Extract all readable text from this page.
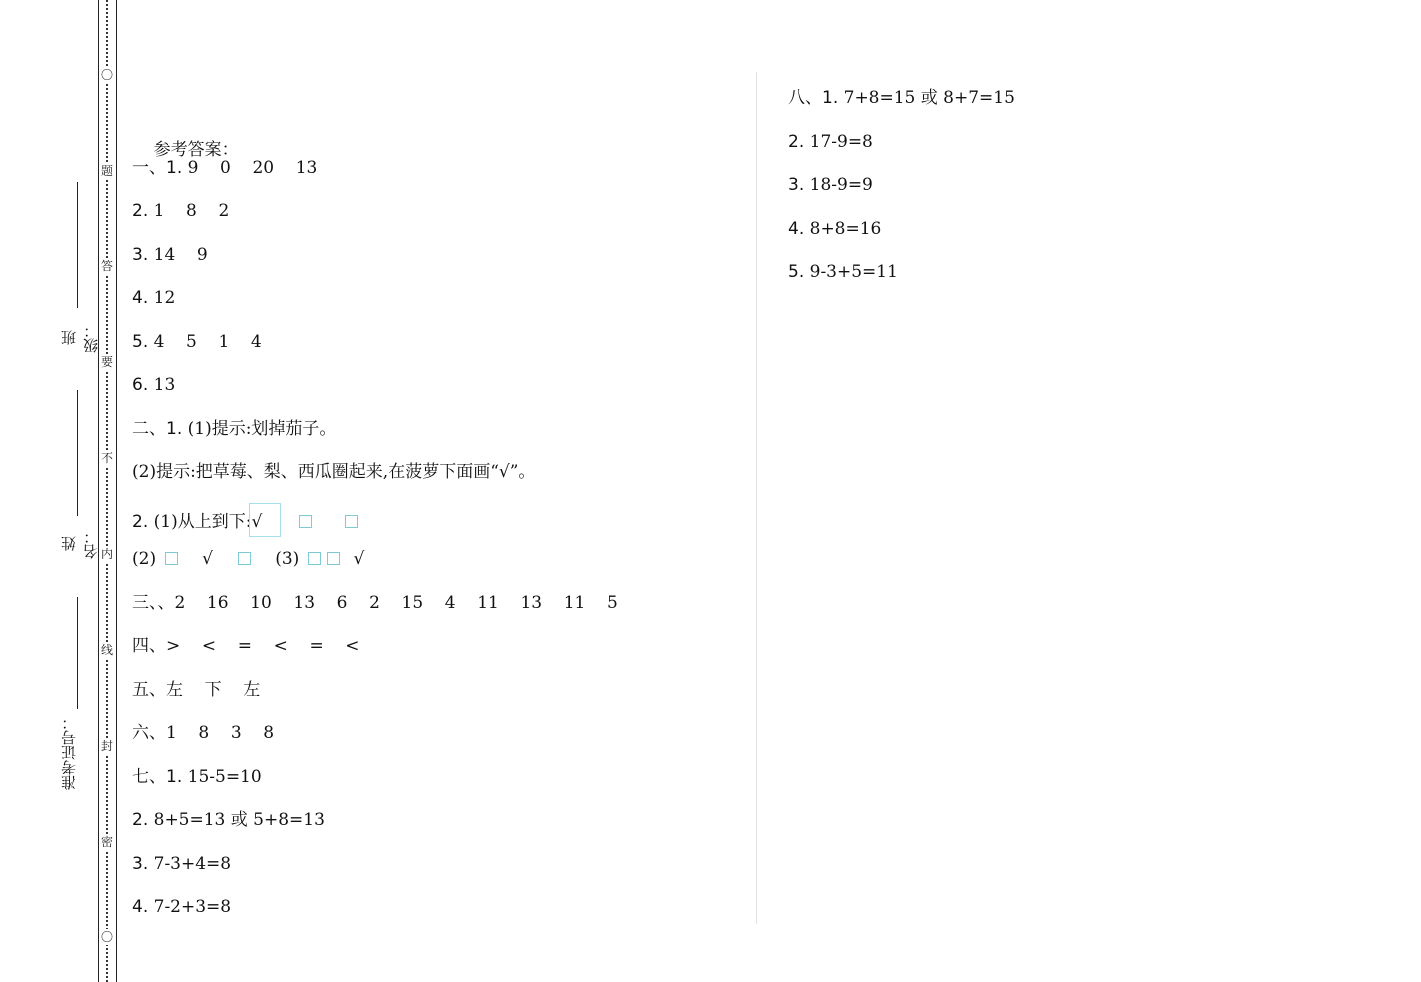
〇
题
答
要
不
内
线
封
密
〇
班级：
姓名：
准考证号：

参考答案：

一、1. 9    0    20    13
2. 1    8    2
3. 14    9
4. 12
5. 4    5    1    4
6. 13
二、1. (1)提示:划掉茄子。
(2)提示:把草莓、梨、西瓜圈起来,在菠萝下面画“√”。
2. (1)从上到下:√
(2)	√	(3)	√
三、、2    16    10    13    6    2    15    4    11    13    11    5
四、>    <    =    <    =    <
五、左    下    左
六、1    8    3    8
七、1. 15-5=10
2. 8+5=13 或 5+8=13
3. 7-3+4=8
4. 7-2+3=8
八、1. 7+8=15 或 8+7=15
2. 17-9=8
3. 18-9=9
4. 8+8=16
5. 9-3+5=11
